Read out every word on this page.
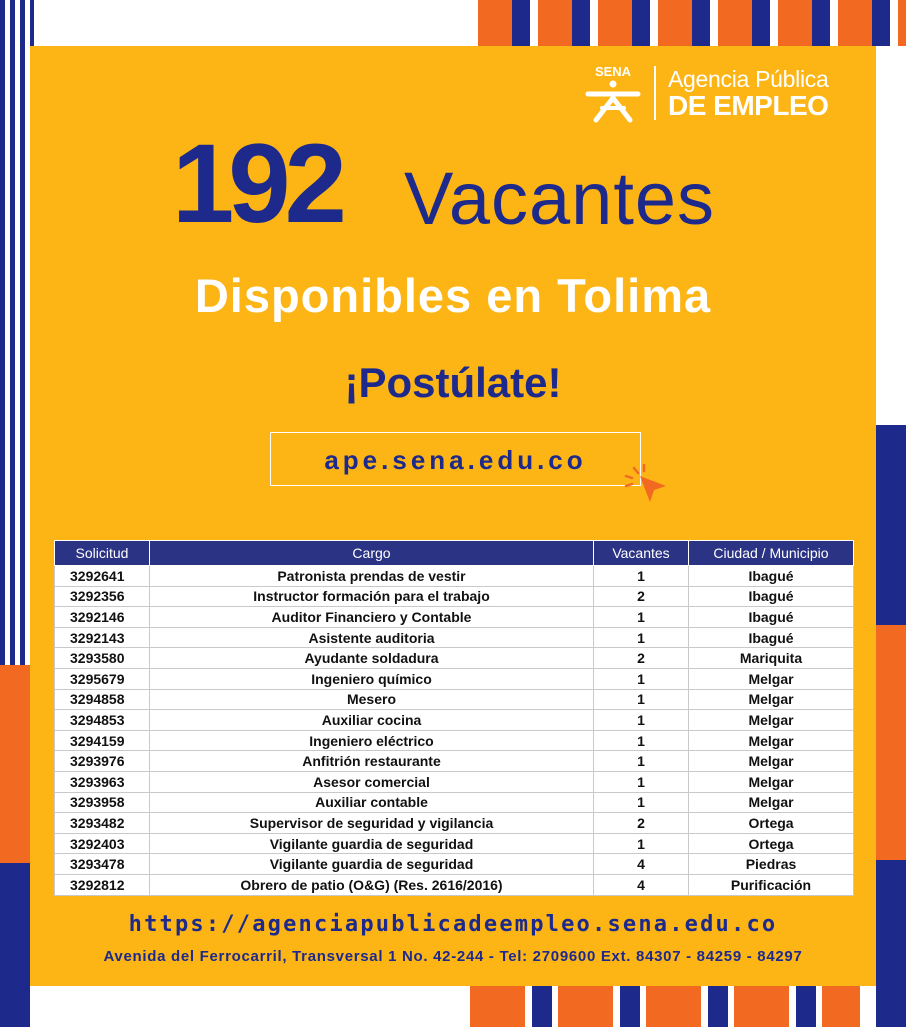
SENA Agencia Pública
DE EMPLEO
192 Vacantes
Disponibles en Tolima
¡Postúlate!
ape.sena.edu.co
Solicitud	Cargo	Vacantes	Ciudad / Municipio
3292641	Patronista prendas de vestir	1	Ibagué
3292356	Instructor formación para el trabajo	2	Ibagué
3292146	Auditor Financiero y Contable	1	Ibagué
3292143	Asistente auditoria	1	Ibagué
3293580	Ayudante soldadura	2	Mariquita
3295679	Ingeniero químico	1	Melgar
3294858	Mesero	1	Melgar
3294853	Auxiliar cocina	1	Melgar
3294159	Ingeniero eléctrico	1	Melgar
3293976	Anfitrión restaurante	1	Melgar
3293963	Asesor comercial	1	Melgar
3293958	Auxiliar contable	1	Melgar
3293482	Supervisor de seguridad y vigilancia	2	Ortega
3292403	Vigilante guardia de seguridad	1	Ortega
3293478	Vigilante guardia de seguridad	4	Piedras
3292812	Obrero de patio (O&G) (Res. 2616/2016)	4	Purificación
https://agenciapublicadeempleo.sena.edu.co
Avenida del Ferrocarril, Transversal 1 No. 42-244 - Tel: 2709600 Ext. 84307 - 84259 - 84297
